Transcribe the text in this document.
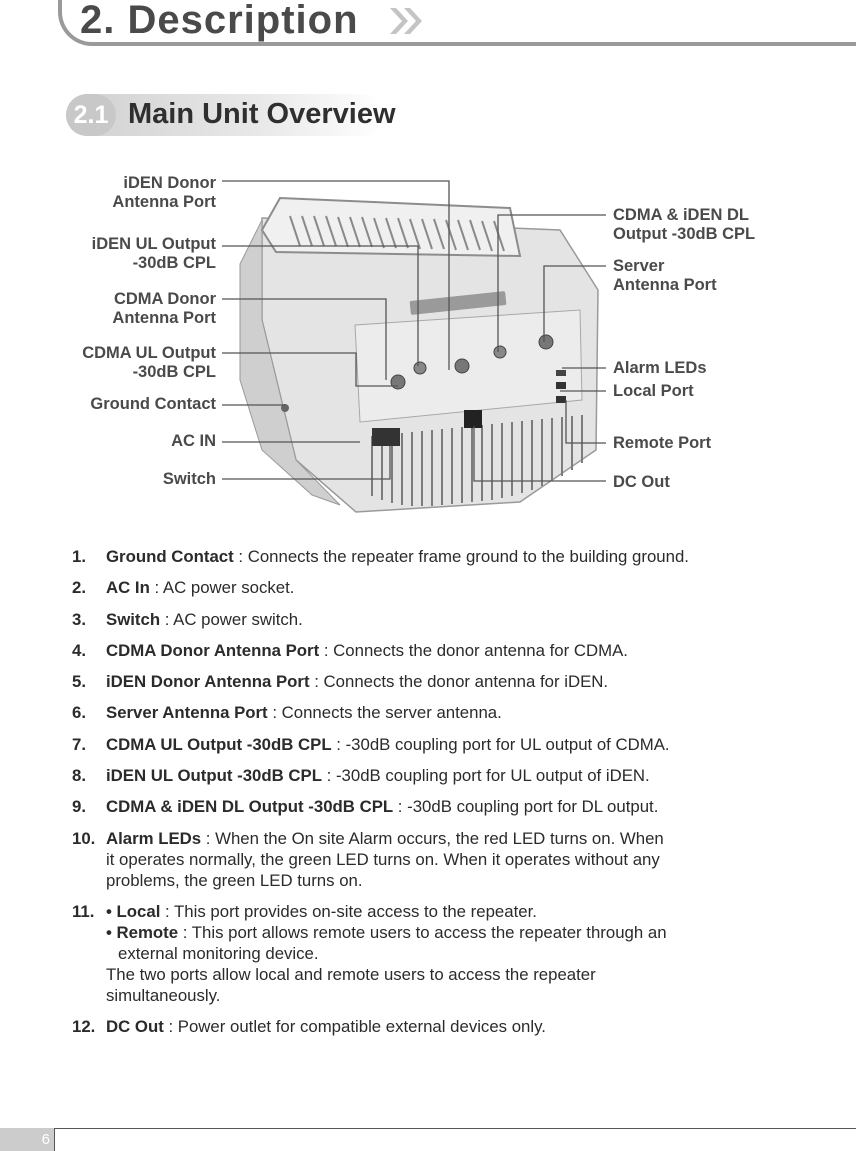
2. Description
2.1 Main Unit Overview
iDEN Donor
Antenna Port
iDEN UL Output
-30dB CPL
CDMA Donor
Antenna Port
CDMA UL Output
-30dB CPL
Ground Contact
AC IN
Switch
CDMA & iDEN DL
Output -30dB CPL
Server
Antenna Port
Alarm LEDs
Local Port
Remote Port
DC Out
1.	Ground Contact : Connects the repeater frame ground to the building ground.
2.	AC In : AC power socket.
3.	Switch : AC power switch.
4.	CDMA Donor Antenna Port : Connects the donor antenna for CDMA.
5.	iDEN Donor Antenna Port : Connects the donor antenna for iDEN.
6.	Server Antenna Port : Connects the server antenna.
7.	CDMA UL Output -30dB CPL : -30dB coupling port for UL output of CDMA.
8.	iDEN UL Output -30dB CPL : -30dB coupling port for UL output of iDEN.
9.	CDMA & iDEN DL Output -30dB CPL : -30dB coupling port for DL output.
10. Alarm LEDs : When the On site Alarm occurs, the red LED turns on. When
it operates normally, the green LED turns on. When it operates without any
problems, the green LED turns on.
11. • Local : This port provides on-site access to the repeater.
• Remote : This port allows remote users to access the repeater through an
external monitoring device.
The two ports allow local and remote users to access the repeater
simultaneously.
12. DC Out : Power outlet for compatible external devices only.
6
